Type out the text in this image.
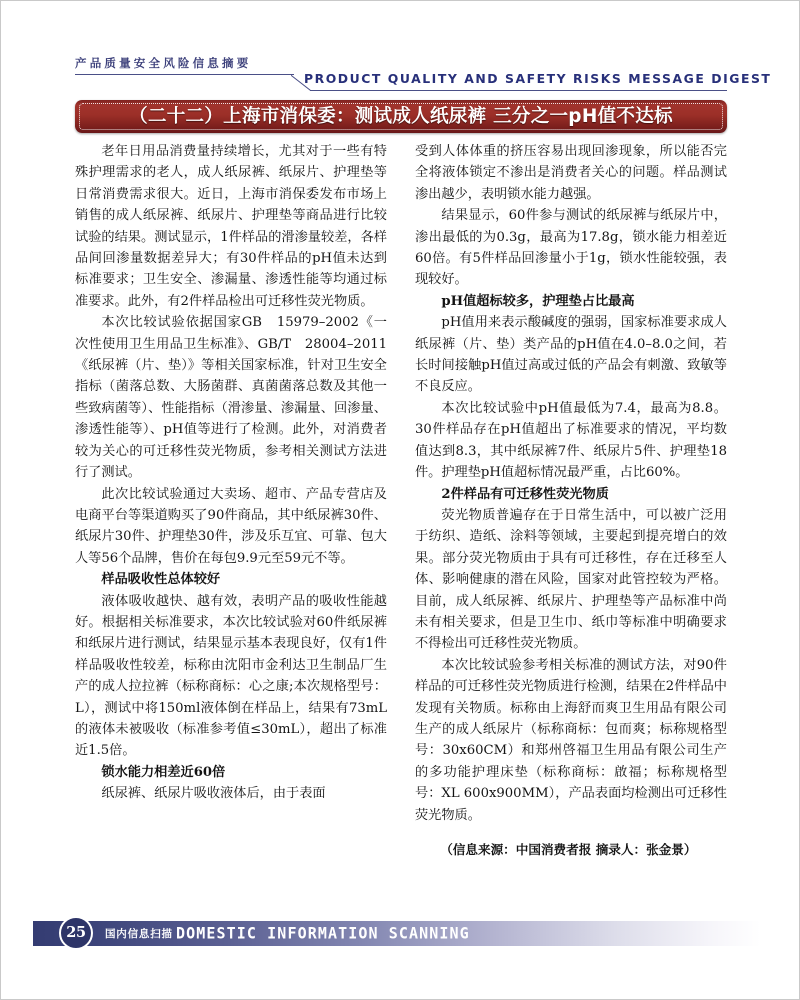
产品质量安全风险信息摘要
PRODUCT QUALITY AND SAFETY RISKS MESSAGE DIGEST
（二十二）上海市消保委：测试成人纸尿裤 三分之一pH值不达标

老年日用品消费量持续增长，尤其对于一些有特殊护理需求的老人，成人纸尿裤、纸尿片、护理垫等日常消费需求很大。近日，上海市消保委发布市场上销售的成人纸尿裤、纸尿片、护理垫等商品进行比较试验的结果。测试显示，1件样品的滑渗量较差，各样品间回渗量数据差异大；有30件样品的pH值未达到标准要求；卫生安全、渗漏量、渗透性能等均通过标准要求。此外，有2件样品检出可迁移性荧光物质。

本次比较试验依据国家GB　15979–2002《一次性使用卫生用品卫生标准》、GB/T　28004–2011《纸尿裤（片、垫）》等相关国家标准，针对卫生安全指标（菌落总数、大肠菌群、真菌菌落总数及其他一些致病菌等）、性能指标（滑渗量、渗漏量、回渗量、渗透性能等）、pH值等进行了检测。此外，对消费者较为关心的可迁移性荧光物质，参考相关测试方法进行了测试。

此次比较试验通过大卖场、超市、产品专营店及电商平台等渠道购买了90件商品，其中纸尿裤30件、纸尿片30件、护理垫30件，涉及乐互宜、可靠、包大人等56个品牌，售价在每包9.9元至59元不等。

样品吸收性总体较好

液体吸收越快、越有效，表明产品的吸收性能越好。根据相关标准要求，本次比较试验对60件纸尿裤和纸尿片进行测试，结果显示基本表现良好，仅有1件样品吸收性较差，标称由沈阳市金利达卫生制品厂生产的成人拉拉裤（标称商标：心之康;本次规格型号：L），测试中将150ml液体倒在样品上，结果有73mL的液体未被吸收（标准参考值≤30mL），超出了标准近1.5倍。

锁水能力相差近60倍

纸尿裤、纸尿片吸收液体后，由于表面

受到人体体重的挤压容易出现回渗现象，所以能否完全将液体锁定不渗出是消费者关心的问题。样品测试渗出越少，表明锁水能力越强。

结果显示，60件参与测试的纸尿裤与纸尿片中，渗出最低的为0.3g，最高为17.8g，锁水能力相差近60倍。有5件样品回渗量小于1g，锁水性能较强，表现较好。

pH值超标较多，护理垫占比最高

pH值用来表示酸碱度的强弱，国家标准要求成人纸尿裤（片、垫）类产品的pH值在4.0–8.0之间，若长时间接触pH值过高或过低的产品会有刺激、致敏等不良反应。

本次比较试验中pH值最低为7.4，最高为8.8。30件样品存在pH值超出了标准要求的情况，平均数值达到8.3，其中纸尿裤7件、纸尿片5件、护理垫18件。护理垫pH值超标情况最严重，占比60%。

2件样品有可迁移性荧光物质

荧光物质普遍存在于日常生活中，可以被广泛用于纺织、造纸、涂料等领域，主要起到提亮增白的效果。部分荧光物质由于具有可迁移性，存在迁移至人体、影响健康的潜在风险，国家对此管控较为严格。目前，成人纸尿裤、纸尿片、护理垫等产品标准中尚未有相关要求，但是卫生巾、纸巾等标准中明确要求不得检出可迁移性荧光物质。

本次比较试验参考相关标准的测试方法，对90件样品的可迁移性荧光物质进行检测，结果在2件样品中发现有关物质。标称由上海舒而爽卫生用品有限公司生产的成人纸尿片（标称商标：包而爽；标称规格型号：30x60CM）和郑州啓福卫生用品有限公司生产的多功能护理床垫（标称商标：啟福；标称规格型号：XL 600x900MM），产品表面均检测出可迁移性荧光物质。

（信息来源：中国消费者报 摘录人：张金景）

25	国内信息扫描 DOMESTIC INFORMATION SCANNING
